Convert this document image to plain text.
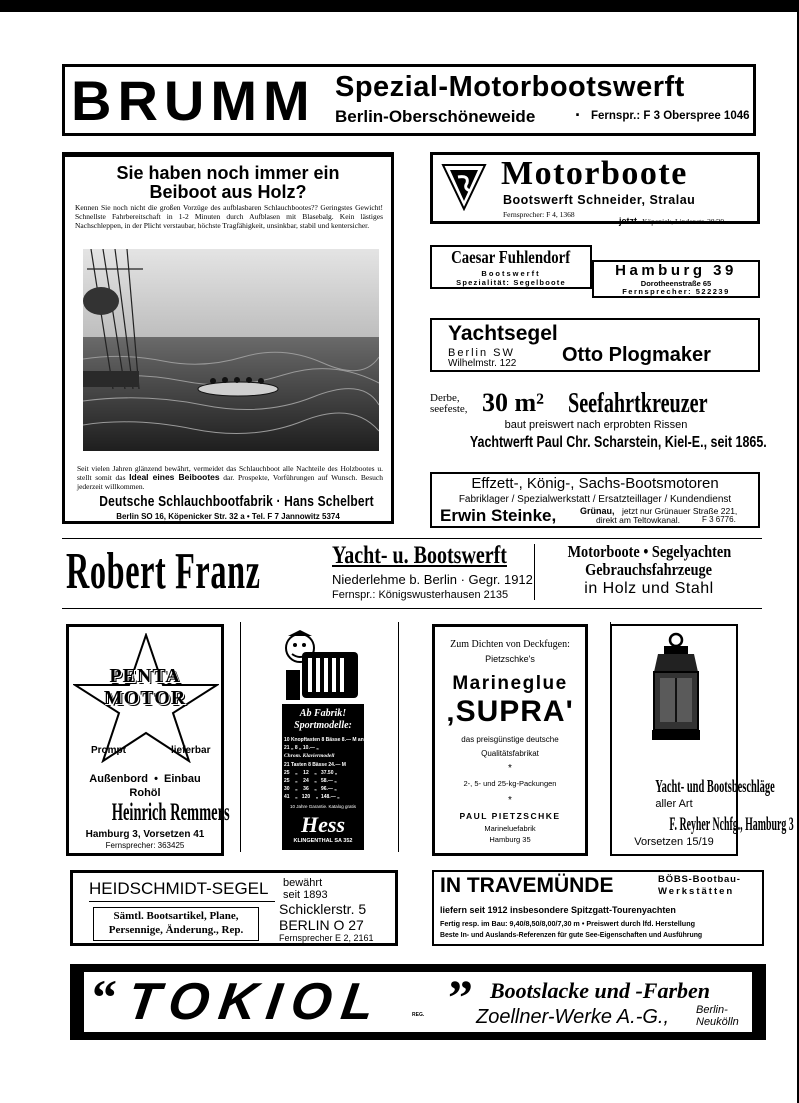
BRUMM Spezial-Motorbootswerft
Berlin-Oberschöneweide · Fernspr.: F 3 Oberspree 1046
Sie haben noch immer ein
Beiboot aus Holz?
Kennen Sie noch nicht die großen Vorzüge des aufblasbaren Schlauchbootes?? Geringstes Gewicht! Schnellste Fahrbereitschaft in 1-2 Minuten durch Aufblasen mit Blasebalg. Kein lästiges Nachschleppen, in der Plicht verstaubar, höchste Tragfähigkeit, unsinkbar, stabil und kentersicher.
Seit vielen Jahren glänzend bewährt, vermeidet das Schlauchboot alle Nachteile des Holzbootes u. stellt somit das Ideal eines Beibootes dar. Prospekte, Vorführungen auf Wunsch. Besuch jederzeit willkommen.
Deutsche Schlauchbootfabrik · Hans Schelbert
Berlin SO 16, Köpenicker Str. 32 a • Tel. F 7 Jannowitz 5374
Motorboote
Bootswerft Schneider, Stralau
Fernsprecher: F 4, 1368
jetzt Köpenick, Lindenstr. 28/29
Caesar Fuhlendorf
Bootswerft
Spezialität: Segelboote
Hamburg 39
Dorotheenstraße 65
Fernsprecher: 522239
Yachtsegel
Berlin SW
Wilhelmstr. 122 Otto Plogmaker
Derbe,
seefeste, 30 m² Seefahrtkreuzer
baut preiswert nach erprobten Rissen
Yachtwerft Paul Chr. Scharstein, Kiel-E., seit 1865.
Effzett-, König-, Sachs-Bootsmotoren
Fabriklager / Spezialwerkstatt / Ersatzteillager / Kundendienst
Erwin Steinke,	Grünau, jetzt nur Grünauer Straße 221,
direkt am Teltowkanal.	F 3 6776.
Robert Franz	Yacht- u. Bootswerft
Niederlehme b. Berlin · Gegr. 1912
Fernspr.: Königswusterhausen 2135
Motorboote • Segelyachten
Gebrauchsfahrzeuge
in Holz und Stahl
PENTA
MOTOR
Prompt	lieferbar
Außenbord  •  Einbau
Rohöl
Heinrich Remmers
Hamburg 3, Vorsetzen 41
Fernsprecher: 363425
Ab Fabrik!
Sportmodelle:
10 Knopftasten 8 Bässe 8.— M an
21 „ 8 „ 10.— „
Chrom. Klaviermodell
21 Tasten 8 Bässe 24.— M
25    „    12    „   37.50 „
25    „    24    „   58.— „
30    „    36    „   96.— „
41    „   120    „  148.— „
10 Jahre Garantie. Katalog gratis
Hess
KLINGENTHAL SA 352
Zum Dichten von Deckfugen:
Pietzschke's
Marineglue
‚SUPRA'
das preisgünstige deutsche
Qualitätsfabrikat
*
2-, 5- und 25-kg-Packungen
*
PAUL PIETZSCHKE
Marineluefabrik
Hamburg 35
Yacht- und Bootsbeschläge
aller Art
F. Reyher Nchfg., Hamburg 3
Vorsetzen 15/19
HEIDSCHMIDT-SEGEL bewährt
seit 1893
Sämtl. Bootsartikel, Plane,
Persennige, Änderung., Rep.
Schicklerstr. 5
BERLIN O 27
Fernsprecher E 2, 2161
IN TRAVEMÜNDE	BÖBS-Bootbau-
Werkstätten
liefern seit 1912 insbesondere Spitzgatt-Tourenyachten
Fertig resp. im Bau: 9,40/8,50/8,00/7,30 m • Preiswert durch lfd. Herstellung
Beste In- und Auslands-Referenzen für gute See-Eigenschaften und Ausführung
“ TOKIOL	REG. ” Bootslacke und -Farben
Zoellner-Werke A.-G., Berlin-
Neukölln
